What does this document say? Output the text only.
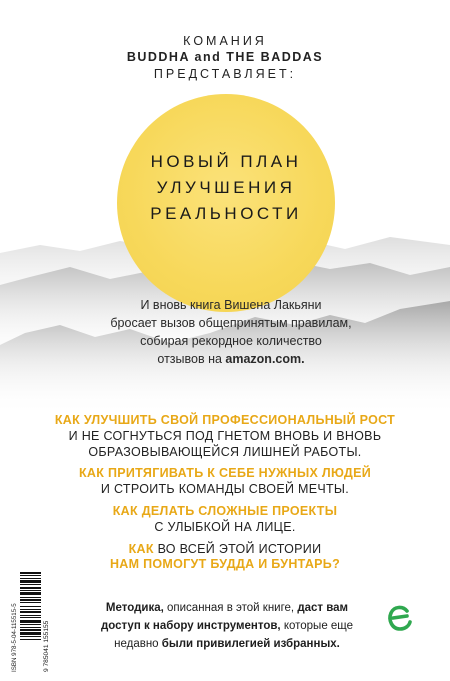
КОМАНИЯ
BUDDHA and THE BADDAS
ПРЕДСТАВЛЯЕТ:
НОВЫЙ ПЛАН
УЛУЧШЕНИЯ
РЕАЛЬНОСТИ
И вновь книга Вишена Лакьяни
бросает вызов общепринятым правилам,
собирая рекордное количество
отзывов на amazon.com.
КАК УЛУЧШИТЬ СВОЙ ПРОФЕССИОНАЛЬНЫЙ РОСТ
И НЕ СОГНУТЬСЯ ПОД ГНЕТОМ ВНОВЬ И ВНОВЬ
ОБРАЗОВЫВАЮЩЕЙСЯ ЛИШНЕЙ РАБОТЫ.
КАК ПРИТЯГИВАТЬ К СЕБЕ НУЖНЫХ ЛЮДЕЙ
И СТРОИТЬ КОМАНДЫ СВОЕЙ МЕЧТЫ.
КАК ДЕЛАТЬ СЛОЖНЫЕ ПРОЕКТЫ
С УЛЫБКОЙ НА ЛИЦЕ.
КАК ВО ВСЕЙ ЭТОЙ ИСТОРИИ
НАМ ПОМОГУТ БУДДА И БУНТАРЬ?
Методика, описанная в этой книге, даст вам
доступ к набору инструментов, которые еще
недавно были привилегией избранных.
ISBN 978-5-04-115515-5	9 785041 155155
